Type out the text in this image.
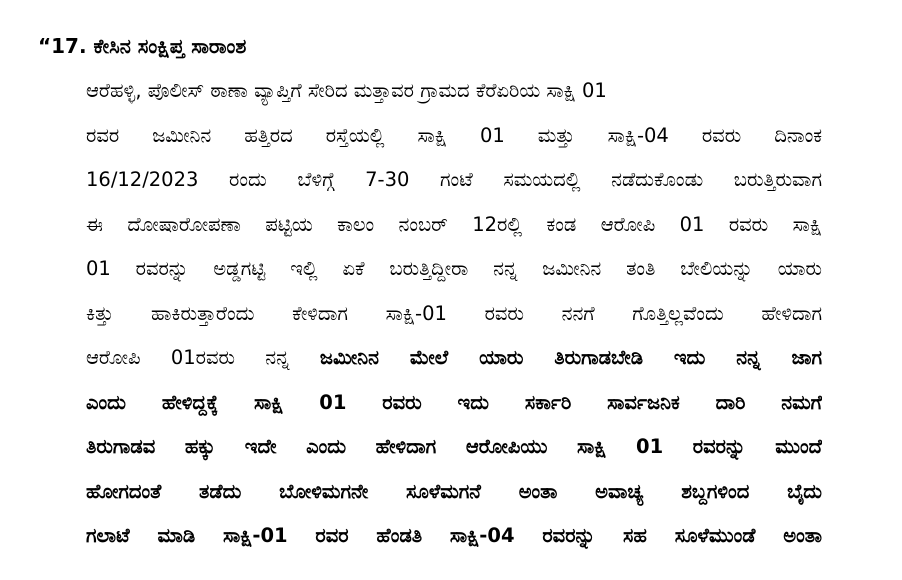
“17. ಕೇಸಿನ ಸಂಕ್ಷಿಪ್ತ ಸಾರಾಂಶ
ಆರೆಹಳ್ಳಿ, ಪೊಲೀಸ್ ಠಾಣಾ ವ್ಯಾಪ್ತಿಗೆ ಸೇರಿದ ಮತ್ತಾವರ ಗ್ರಾಮದ ಕೆರೆಏರಿಯ ಸಾಕ್ಷಿ 01
ರವರ ಜಮೀನಿನ ಹತ್ತಿರದ ರಸ್ತೆಯಲ್ಲಿ ಸಾಕ್ಷಿ 01 ಮತ್ತು ಸಾಕ್ಷಿ-04 ರವರು ದಿನಾಂಕ
16/12/2023 ರಂದು ಬೆಳಿಗ್ಗೆ 7-30 ಗಂಟೆ ಸಮಯದಲ್ಲಿ ನಡೆದುಕೊಂಡು ಬರುತ್ತಿರುವಾಗ
ಈ ದೋಷಾರೋಪಣಾ ಪಟ್ಟಿಯ ಕಾಲಂ ನಂಬರ್ 12ರಲ್ಲಿ ಕಂಡ ಆರೋಪಿ 01 ರವರು ಸಾಕ್ಷಿ
01 ರವರನ್ನು ಅಡ್ಡಗಟ್ಟಿ ಇಲ್ಲಿ ಏಕೆ ಬರುತ್ತಿದ್ದೀರಾ ನನ್ನ ಜಮೀನಿನ ತಂತಿ ಬೇಲಿಯನ್ನು ಯಾರು
ಕಿತ್ತು ಹಾಕಿರುತ್ತಾರೆಂದು ಕೇಳಿದಾಗ ಸಾಕ್ಷಿ-01 ರವರು ನನಗೆ ಗೊತ್ತಿಲ್ಲವೆಂದು ಹೇಳಿದಾಗ
ಆರೋಪಿ 01ರವರು ನನ್ನ ಜಮೀನಿನ ಮೇಲೆ ಯಾರು ತಿರುಗಾಡಬೇಡಿ ಇದು ನನ್ನ ಜಾಗ
ಎಂದು ಹೇಳಿದ್ದಕ್ಕೆ ಸಾಕ್ಷಿ 01 ರವರು ಇದು ಸರ್ಕಾರಿ ಸಾರ್ವಜನಿಕ ದಾರಿ ನಮಗೆ
ತಿರುಗಾಡವ ಹಕ್ಕು ಇದೇ ಎಂದು ಹೇಳಿದಾಗ ಆರೋಪಿಯು ಸಾಕ್ಷಿ 01 ರವರನ್ನು ಮುಂದೆ
ಹೋಗದಂತೆ ತಡೆದು ಬೋಳಿಮಗನೇ ಸೂಳೆಮಗನೆ ಅಂತಾ ಅವಾಚ್ಯ ಶಬ್ದಗಳಿಂದ ಬೈದು
ಗಲಾಟೆ ಮಾಡಿ ಸಾಕ್ಷಿ-01 ರವರ ಹೆಂಡತಿ ಸಾಕ್ಷಿ-04 ರವರನ್ನು ಸಹ ಸೂಳೆಮುಂಡೆ ಅಂತಾ
